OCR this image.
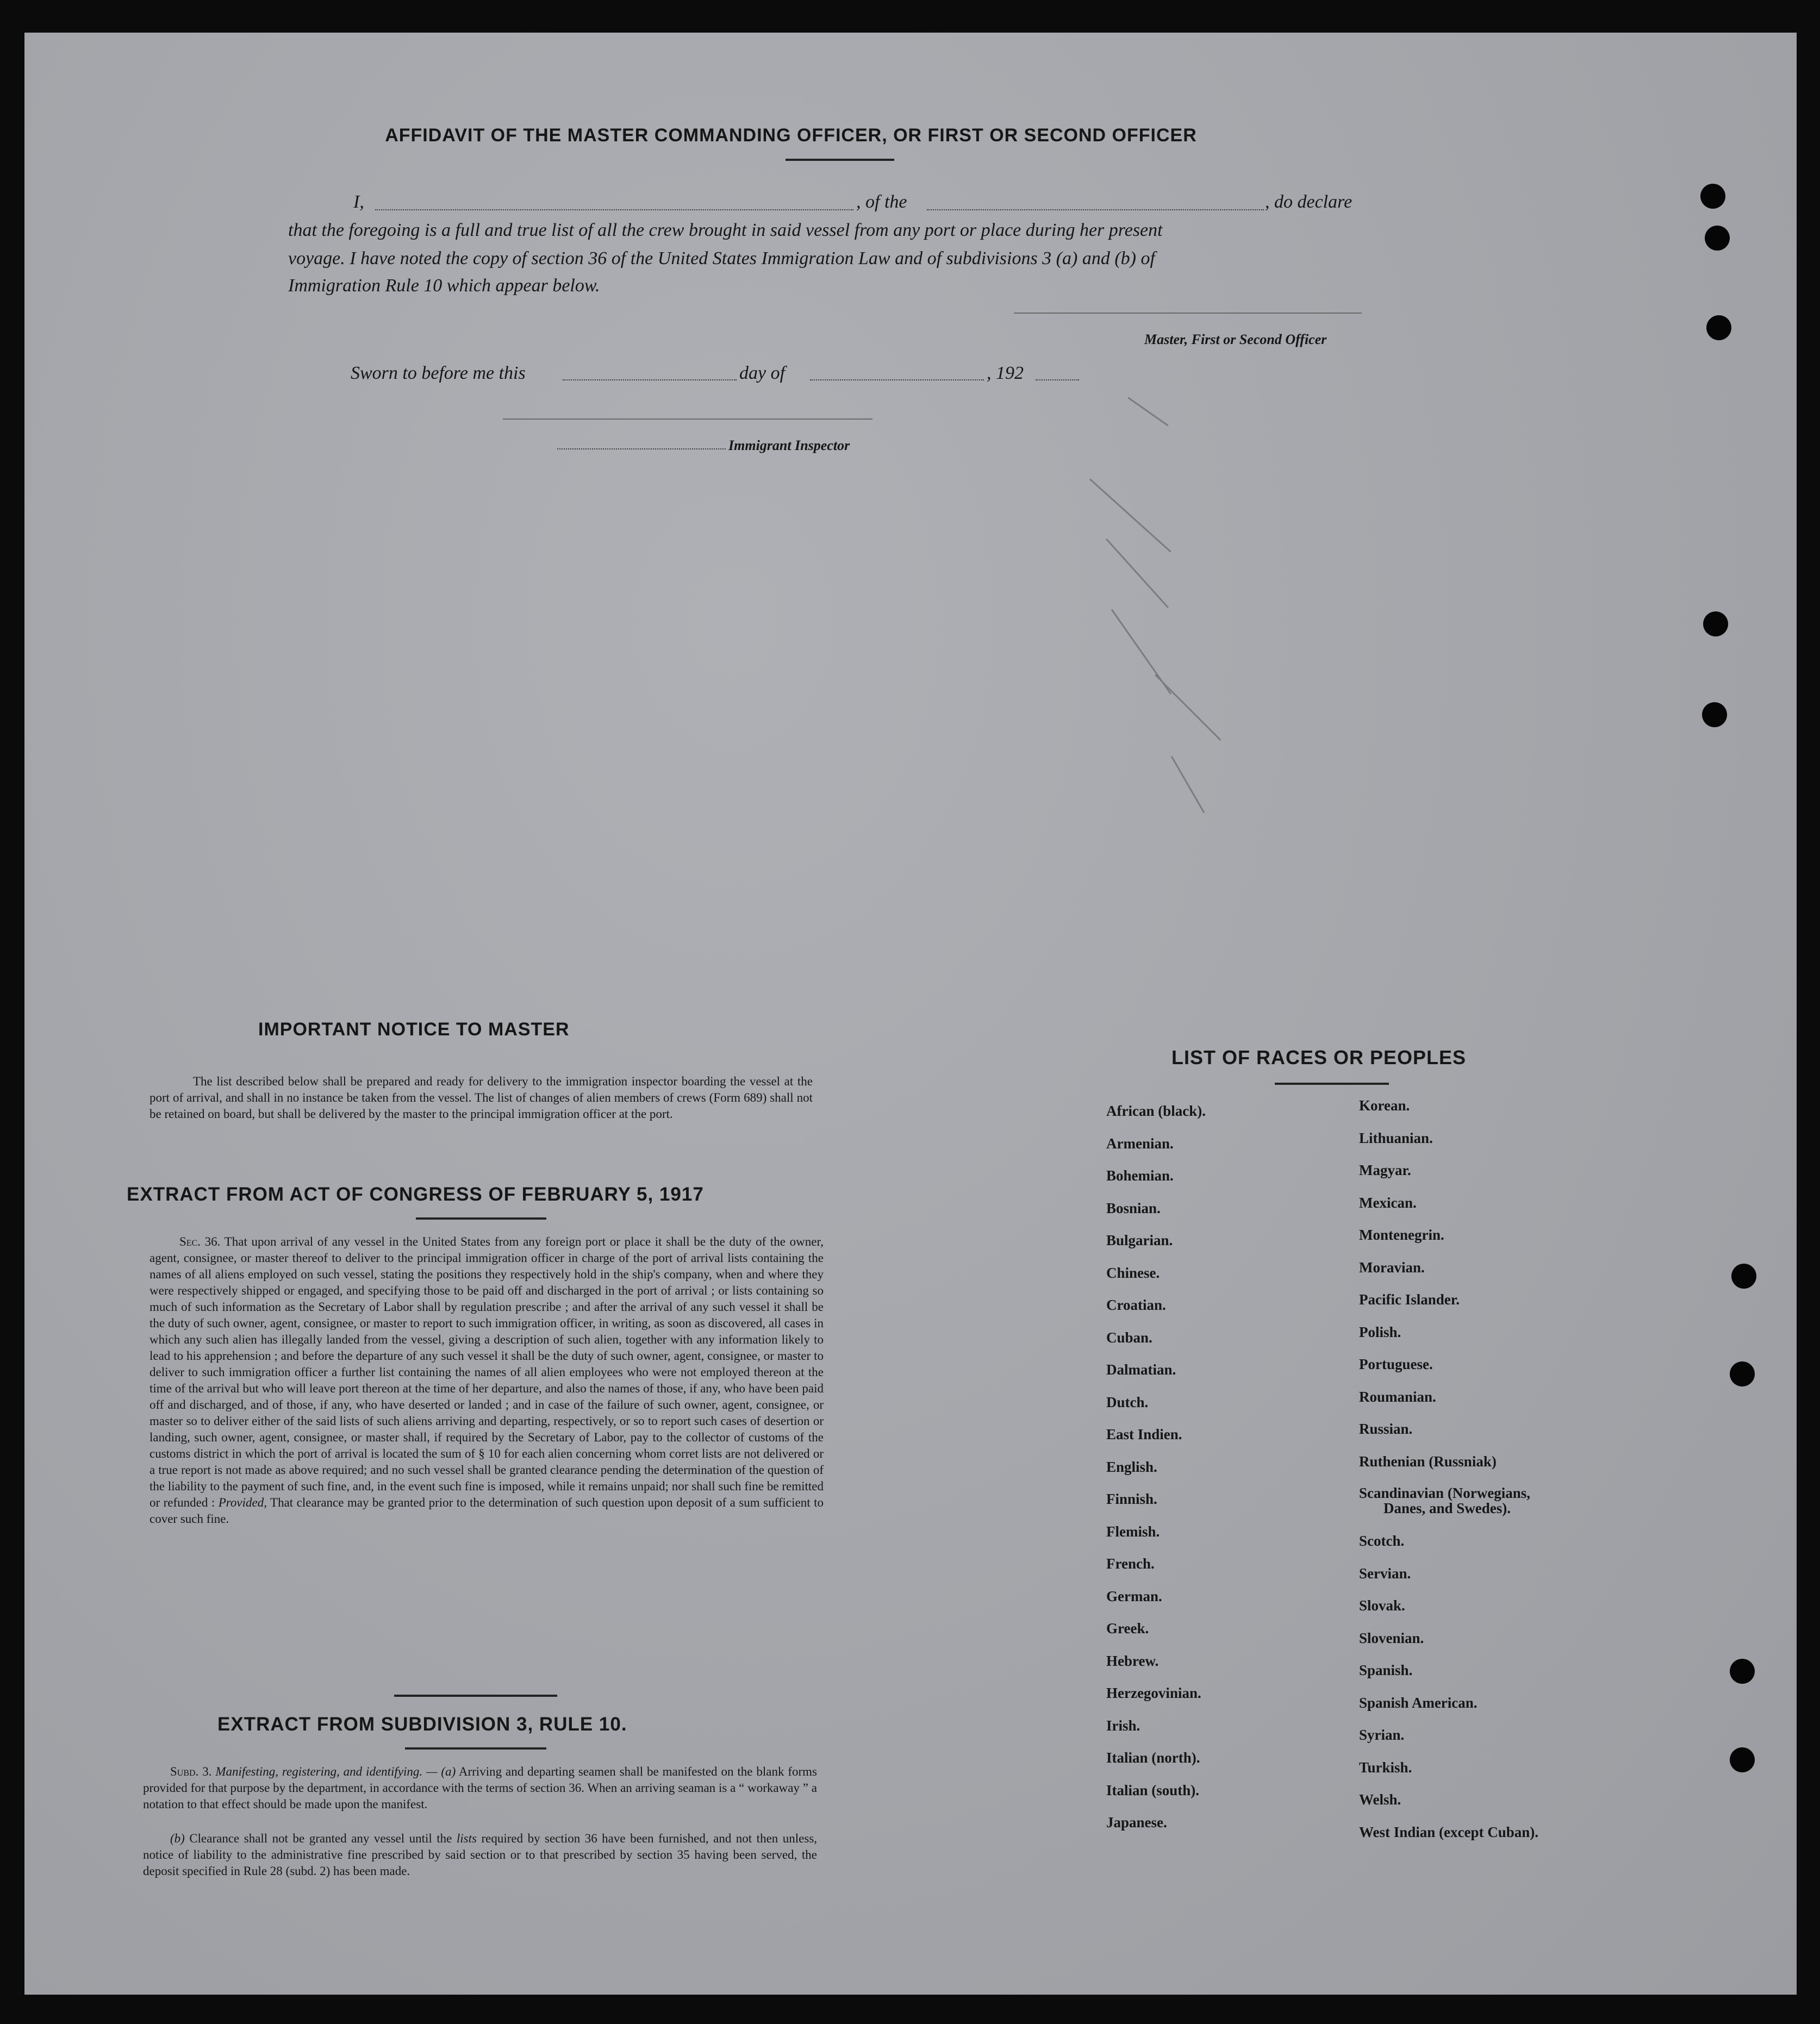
AFFIDAVIT OF THE MASTER COMMANDING OFFICER, OR FIRST OR SECOND OFFICER
I,	, of the	, do declare
that the foregoing is a full and true list of all the crew brought in said vessel from any port or place during her present
voyage. I have noted the copy of section 36 of the United States Immigration Law and of subdivisions 3 (a) and (b) of
Immigration Rule 10 which appear below.
Master, First or Second Officer
Sworn to before me this	day of	, 192
Immigrant Inspector
IMPORTANT NOTICE TO MASTER
The list described below shall be prepared and ready for delivery to the immigration inspector boarding the vessel at the port of arrival, and shall in no instance be taken from the vessel. The list of changes of alien members of crews (Form 689) shall not be retained on board, but shall be delivered by the master to the principal immigration officer at the port.
EXTRACT FROM ACT OF CONGRESS OF FEBRUARY 5, 1917
Sec. 36. That upon arrival of any vessel in the United States from any foreign port or place it shall be the duty of the owner, agent, consignee, or master thereof to deliver to the principal immigration officer in charge of the port of arrival lists containing the names of all aliens employed on such vessel, stating the positions they respectively hold in the ship's company, when and where they were respectively shipped or engaged, and specifying those to be paid off and discharged in the port of arrival ; or lists containing so much of such information as the Secretary of Labor shall by regulation prescribe ; and after the arrival of any such vessel it shall be the duty of such owner, agent, consignee, or master to report to such immigration officer, in writing, as soon as discovered, all cases in which any such alien has illegally landed from the vessel, giving a description of such alien, together with any information likely to lead to his apprehension ; and before the departure of any such vessel it shall be the duty of such owner, agent, consignee, or master to deliver to such immigration officer a further list containing the names of all alien employees who were not employed thereon at the time of the arrival but who will leave port thereon at the time of her departure, and also the names of those, if any, who have been paid off and discharged, and of those, if any, who have deserted or landed ; and in case of the failure of such owner, agent, consignee, or master so to deliver either of the said lists of such aliens arriving and departing, respectively, or so to report such cases of desertion or landing, such owner, agent, consignee, or master shall, if required by the Secretary of Labor, pay to the collector of customs of the customs district in which the port of arrival is located the sum of § 10 for each alien concerning whom corret lists are not delivered or a true report is not made as above required; and no such vessel shall be granted clearance pending the determination of the question of the liability to the payment of such fine, and, in the event such fine is imposed, while it remains unpaid; nor shall such fine be remitted or refunded : Provided, That clearance may be granted prior to the determination of such question upon deposit of a sum sufficient to cover such fine.
EXTRACT FROM SUBDIVISION 3, RULE 10.
Subd. 3. Manifesting, registering, and identifying. — (a) Arriving and departing seamen shall be manifested on the blank forms provided for that purpose by the department, in accordance with the terms of section 36. When an arriving seaman is a “ workaway ” a notation to that effect should be made upon the manifest.
(b) Clearance shall not be granted any vessel until the lists required by section 36 have been furnished, and not then unless, notice of liability to the administrative fine prescribed by said section or to that prescribed by section 35 having been served, the deposit specified in Rule 28 (subd. 2) has been made.
LIST OF RACES OR PEOPLES
African (black).
Armenian.
Bohemian.
Bosnian.
Bulgarian.
Chinese.
Croatian.
Cuban.
Dalmatian.
Dutch.
East Indien.
English.
Finnish.
Flemish.
French.
German.
Greek.
Hebrew.
Herzegovinian.
Irish.
Italian (north).
Italian (south).
Japanese.
Korean.
Lithuanian.
Magyar.
Mexican.
Montenegrin.
Moravian.
Pacific Islander.
Polish.
Portuguese.
Roumanian.
Russian.
Ruthenian (Russniak)
Scandinavian (Norwegians,
Danes, and Swedes).
Scotch.
Servian.
Slovak.
Slovenian.
Spanish.
Spanish American.
Syrian.
Turkish.
Welsh.
West Indian (except Cuban).
